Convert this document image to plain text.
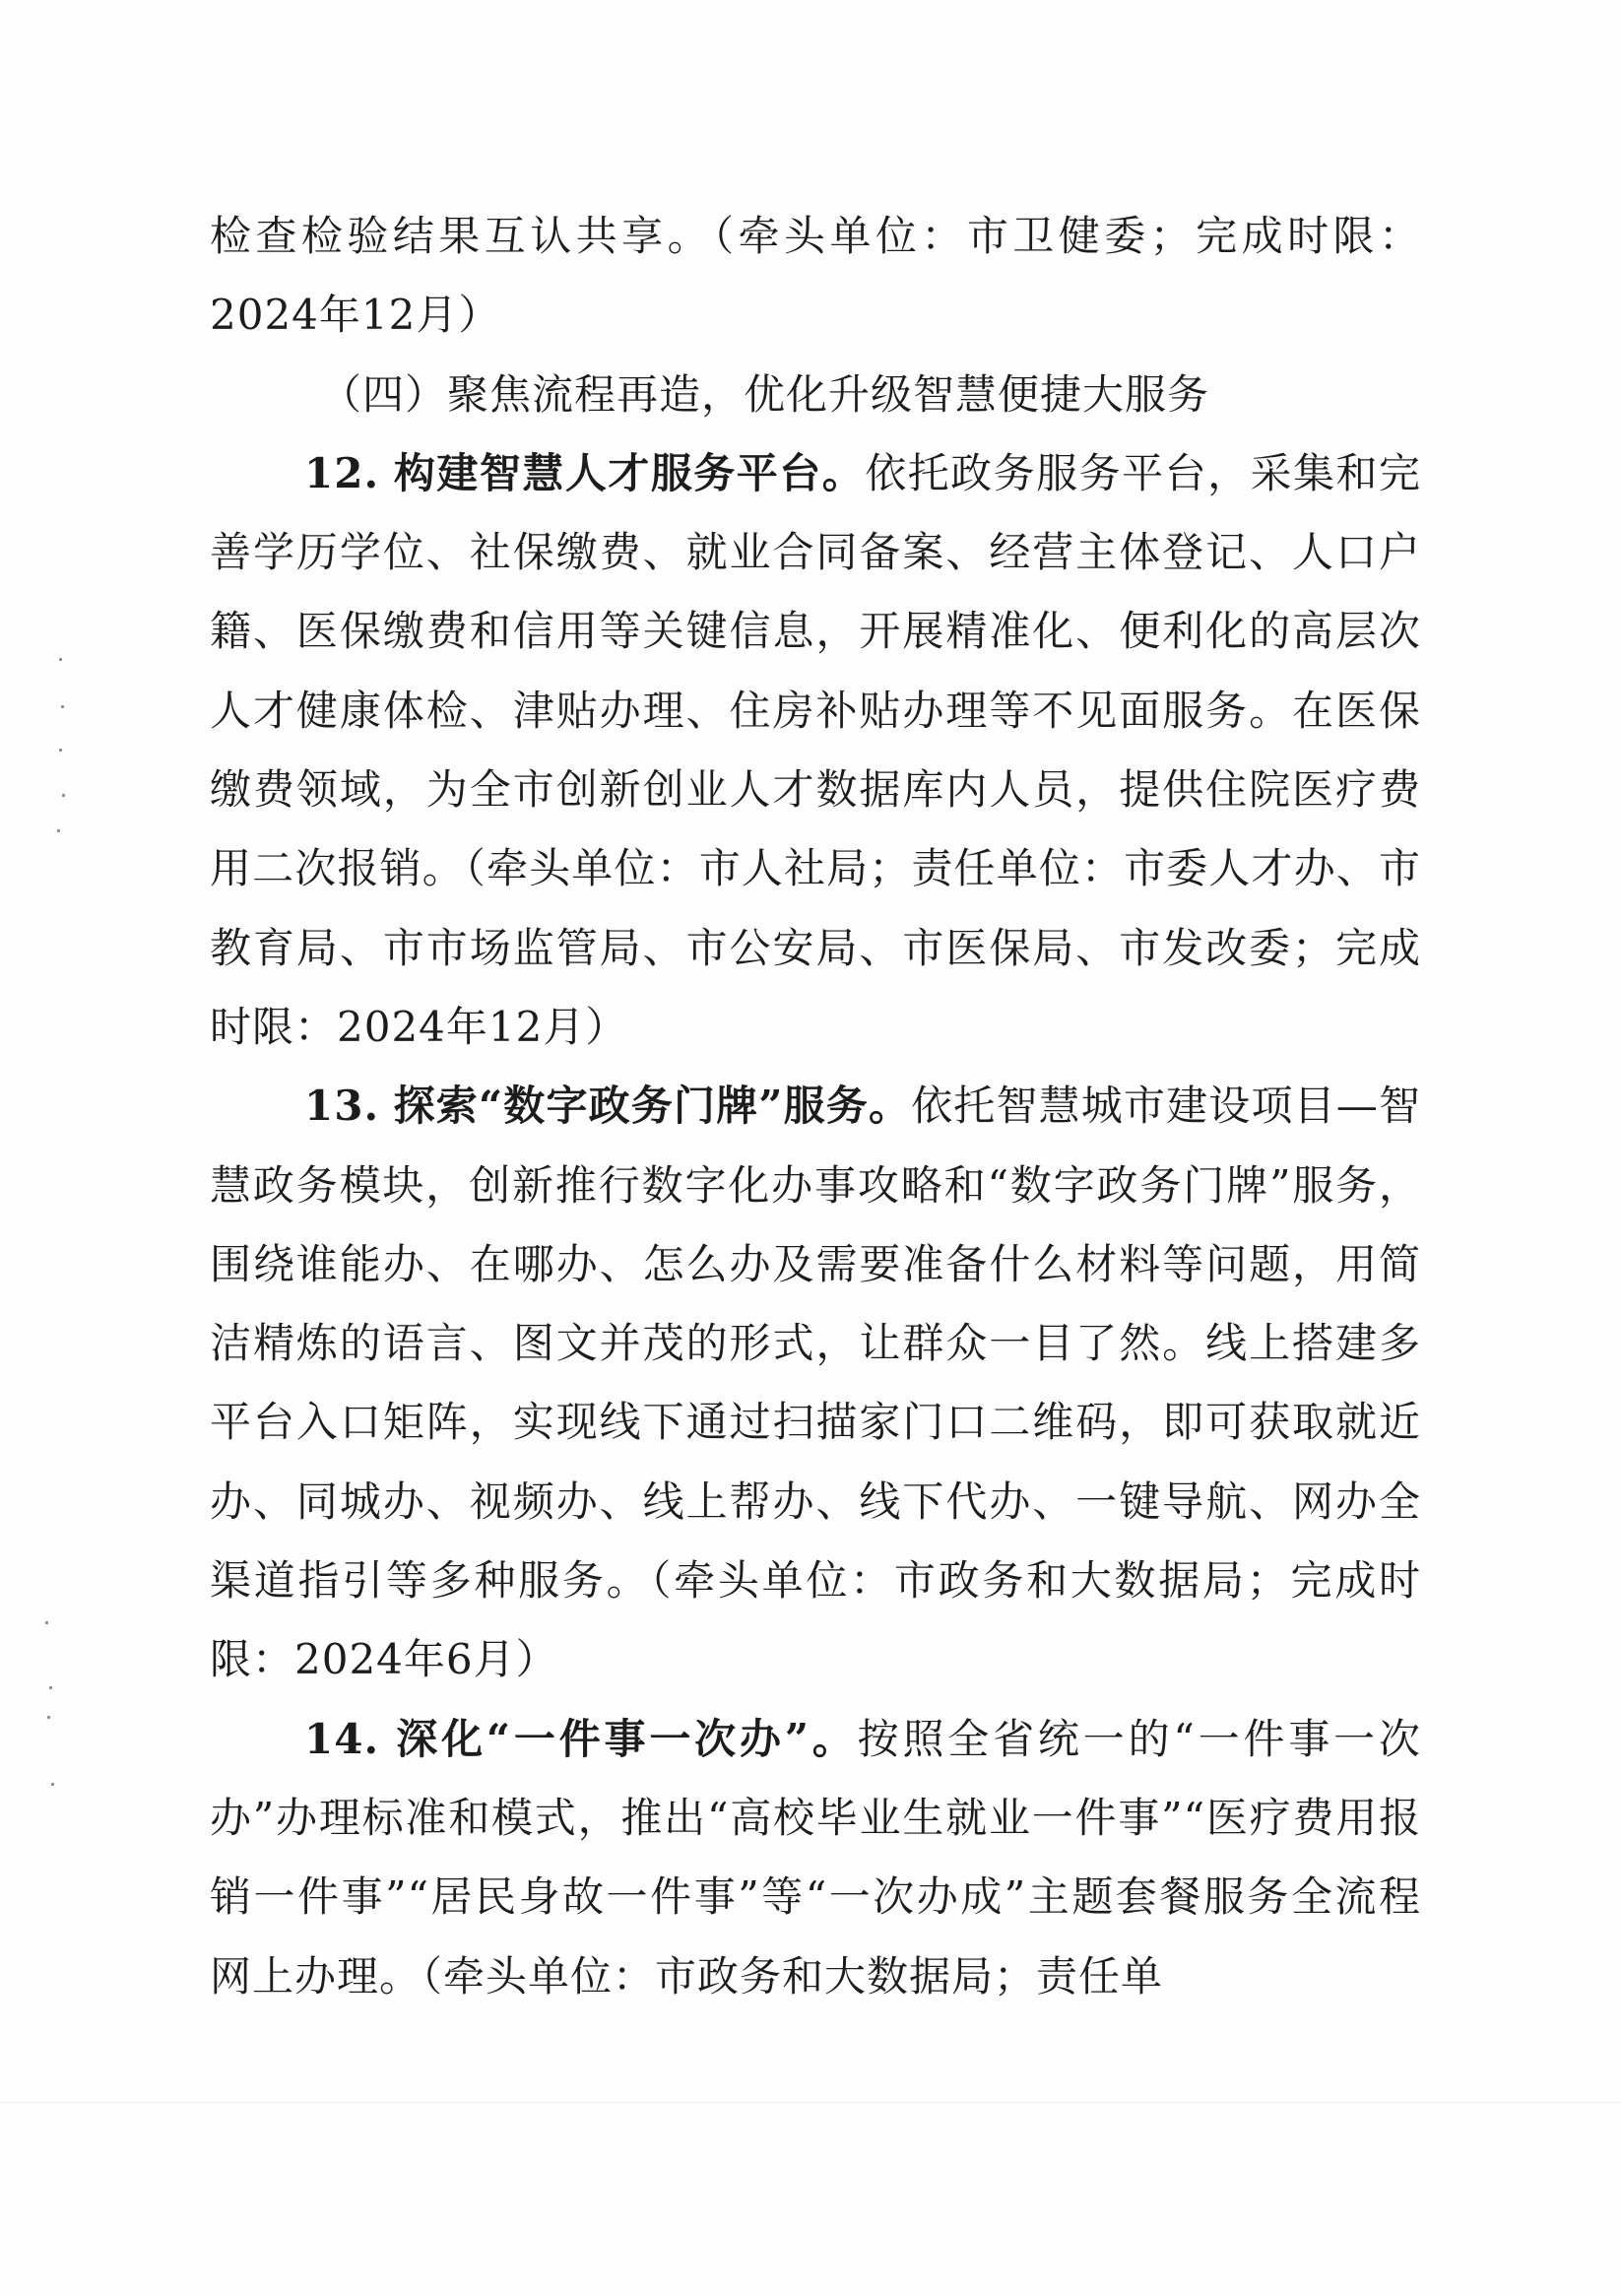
检查检验结果互认共享。（牵头单位：市卫健委；完成时限：2024年12月）

（四）聚焦流程再造，优化升级智慧便捷大服务

12. 构建智慧人才服务平台。依托政务服务平台，采集和完善学历学位、社保缴费、就业合同备案、经营主体登记、人口户籍、医保缴费和信用等关键信息，开展精准化、便利化的高层次人才健康体检、津贴办理、住房补贴办理等不见面服务。在医保缴费领域，为全市创新创业人才数据库内人员，提供住院医疗费用二次报销。（牵头单位：市人社局；责任单位：市委人才办、市教育局、市市场监管局、市公安局、市医保局、市发改委；完成时限：2024年12月）

13. 探索“数字政务门牌”服务。依托智慧城市建设项目—智慧政务模块，创新推行数字化办事攻略和“数字政务门牌”服务，围绕谁能办、在哪办、怎么办及需要准备什么材料等问题，用简洁精炼的语言、图文并茂的形式，让群众一目了然。线上搭建多平台入口矩阵，实现线下通过扫描家门口二维码，即可获取就近办、同城办、视频办、线上帮办、线下代办、一键导航、网办全渠道指引等多种服务。（牵头单位：市政务和大数据局；完成时限：2024年6月）

14. 深化“一件事一次办”。按照全省统一的“一件事一次办”办理标准和模式，推出“高校毕业生就业一件事”“医疗费用报销一件事”“居民身故一件事”等“一次办成”主题套餐服务全流程网上办理。（牵头单位：市政务和大数据局；责任单
